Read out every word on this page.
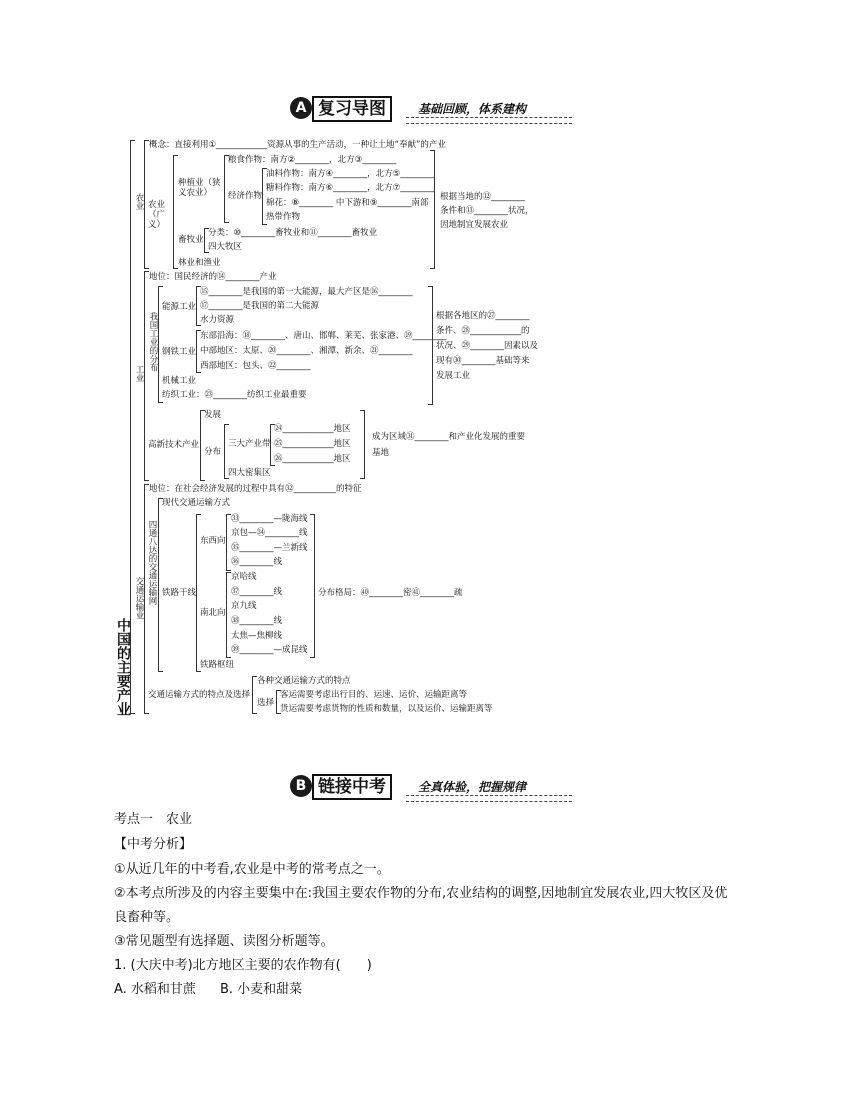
A 复习导图	基础回顾，体系建构
中国的主要产业
农业
概念：直接利用①____________资源从事的生产活动，一种让土地“奉献”的产业
农业（广义）
种植业（狭义农业）
粮食作物：南方②________，北方③________
经济作物
油料作物：南方④________，北方⑤________
糖料作物：南方⑥________，北方⑦________
棉花：⑧________ 中下游和⑨________南部
热带作物
畜牧业
分类：⑩________畜牧业和⑪________畜牧业
四大牧区
林业和渔业
根据当地的⑫________
条件和⑬________状况，
因地制宜发展农业
工业
地位：国民经济的⑭________产业
我国工业的分布
能源工业
⑮________是我国的第一大能源，最大产区是⑯________
⑰________是我国的第二大能源
水力资源
钢铁工业
东部沿海：⑱________、唐山、邯郸、莱芜、张家港、⑲________
中部地区：太原、⑳________、湘潭、新余、㉑________
西部地区：包头、㉒________
机械工业
纺织工业：㉓________纺织工业最重要
根据各地区的㉗________
条件、㉘____________的
状况、㉙________因素以及
现有㉚________基础等来
发展工业
高新技术产业
发展
分布
三大产业带
㉔____________地区
㉕____________地区
㉖____________地区
四大密集区
成为区域㉛________和产业化发展的重要
基地
交通运输业
地位：在社会经济发展的过程中具有㉜__________的特征
四通八达的交通运输网
现代交通运输方式
铁路干线
东西向
㉝________—陇海线
京包—㉞________线
㉟________—兰新线
㊱________线
南北向
京哈线
㊲________线
京九线
㊳________线
太焦—焦柳线
㊴________—成昆线
铁路枢纽
分布格局：㊵________密㊶________疏
交通运输方式的特点及选择
各种交通运输方式的特点
选择
客运需要考虑出行目的、运速、运价、运输距离等
货运需要考虑货物的性质和数量，以及运价、运输距离等
B 链接中考	全真体验，把握规律
考点一　农业
【中考分析】
①从近几年的中考看,农业是中考的常考点之一。
②本考点所涉及的内容主要集中在:我国主要农作物的分布,农业结构的调整,因地制宜发展农业,四大牧区及优
良畜种等。
③常见题型有选择题、读图分析题等。
1. (大庆中考)北方地区主要的农作物有(　　)
A. 水稻和甘蔗 B. 小麦和甜菜
